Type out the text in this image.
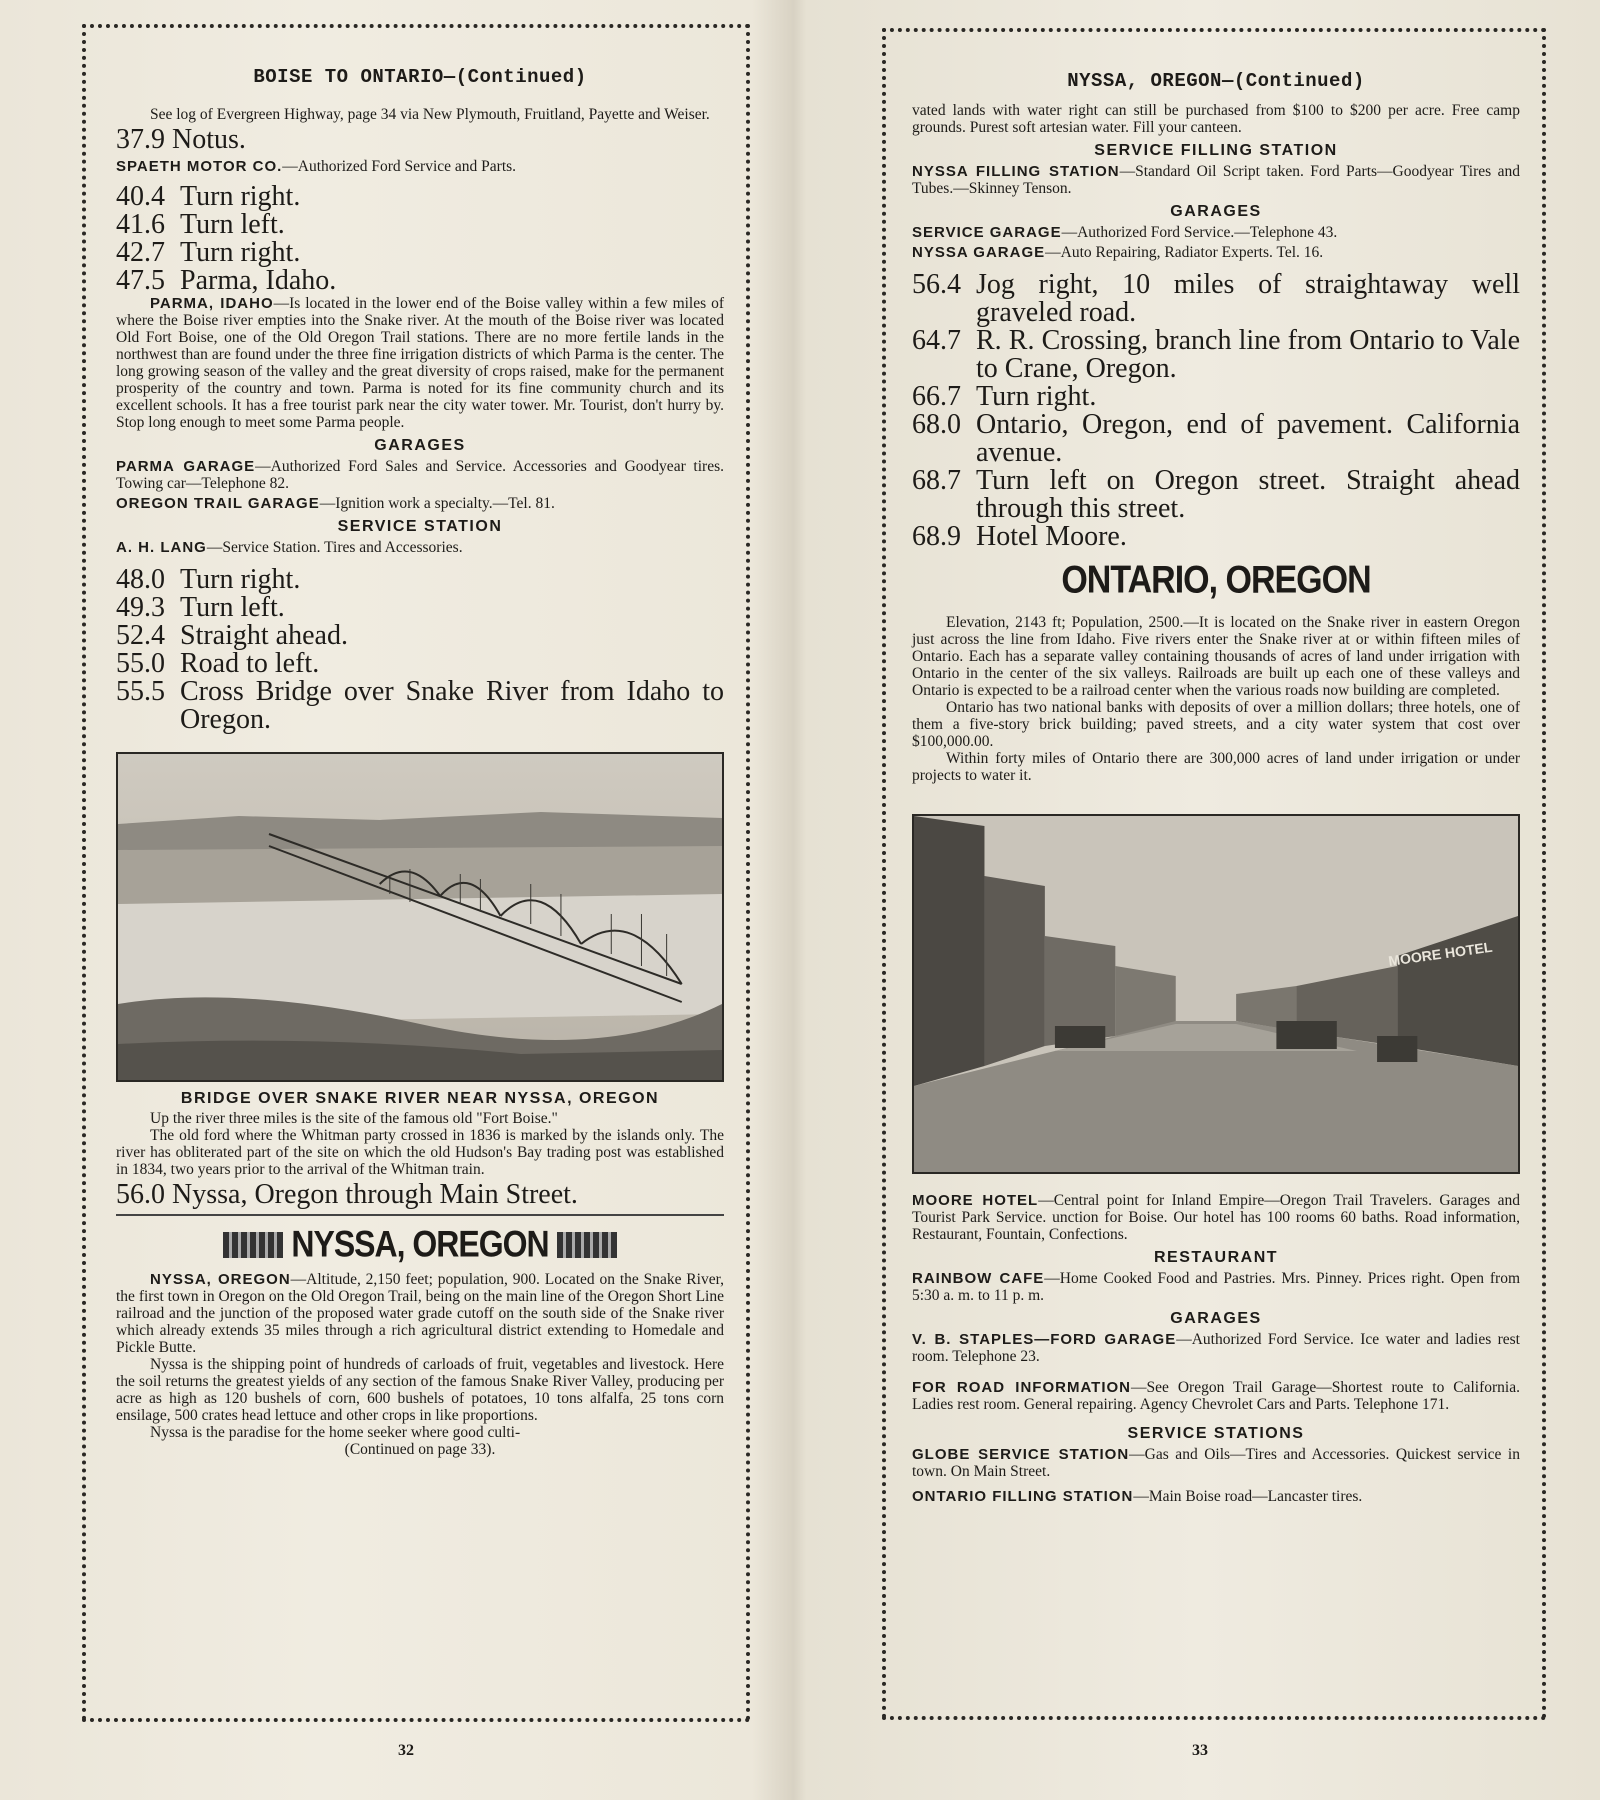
BOISE TO ONTARIO—(Continued)

See log of Evergreen Highway, page 34 via New Plymouth, Fruitland, Payette and Weiser.

37.9 Notus.

SPAETH MOTOR CO.—Authorized Ford Service and Parts.

40.4 Turn right.
41.6 Turn left.
42.7 Turn right.
47.5 Parma, Idaho.

PARMA, IDAHO—Is located in the lower end of the Boise valley within a few miles of where the Boise river empties into the Snake river. At the mouth of the Boise river was located Old Fort Boise, one of the Old Oregon Trail stations. There are no more fertile lands in the northwest than are found under the three fine irrigation districts of which Parma is the center. The long growing season of the valley and the great diversity of crops raised, make for the permanent prosperity of the country and town. Parma is noted for its fine community church and its excellent schools. It has a free tourist park near the city water tower. Mr. Tourist, don't hurry by. Stop long enough to meet some Parma people.

GARAGES

PARMA GARAGE—Authorized Ford Sales and Service. Accessories and Goodyear tires. Towing car—Telephone 82.

OREGON TRAIL GARAGE—Ignition work a specialty.—Tel. 81.

SERVICE STATION

A. H. LANG—Service Station. Tires and Accessories.

48.0 Turn right.
49.3 Turn left.
52.4 Straight ahead.
55.0 Road to left.
55.5 Cross Bridge over Snake River from Idaho to Oregon.
BRIDGE OVER SNAKE RIVER NEAR NYSSA, OREGON

Up the river three miles is the site of the famous old "Fort Boise."

The old ford where the Whitman party crossed in 1836 is marked by the islands only. The river has obliterated part of the site on which the old Hudson's Bay trading post was established in 1834, two years prior to the arrival of the Whitman train.

56.0 Nyssa, Oregon through Main Street.
NYSSA, OREGON

NYSSA, OREGON—Altitude, 2,150 feet; population, 900. Located on the Snake River, the first town in Oregon on the Old Oregon Trail, being on the main line of the Oregon Short Line railroad and the junction of the proposed water grade cutoff on the south side of the Snake river which already extends 35 miles through a rich agricultural district extending to Homedale and Pickle Butte.

Nyssa is the shipping point of hundreds of carloads of fruit, vegetables and livestock. Here the soil returns the greatest yields of any section of the famous Snake River Valley, producing per acre as high as 120 bushels of corn, 600 bushels of potatoes, 10 tons alfalfa, 25 tons corn ensilage, 500 crates head lettuce and other crops in like proportions.

Nyssa is the paradise for the home seeker where good culti-

(Continued on page 33).
32
NYSSA, OREGON—(Continued)

vated lands with water right can still be purchased from $100 to $200 per acre. Free camp grounds. Purest soft artesian water. Fill your canteen.

SERVICE FILLING STATION

NYSSA FILLING STATION—Standard Oil Script taken. Ford Parts—Goodyear Tires and Tubes.—Skinney Tenson.

GARAGES

SERVICE GARAGE—Authorized Ford Service.—Telephone 43.

NYSSA GARAGE—Auto Repairing, Radiator Experts. Tel. 16.

56.4 Jog right, 10 miles of straightaway well graveled road.
64.7 R. R. Crossing, branch line from Ontario to Vale to Crane, Oregon.
66.7 Turn right.
68.0 Ontario, Oregon, end of pavement. California avenue.
68.7 Turn left on Oregon street. Straight ahead through this street.
68.9 Hotel Moore.
ONTARIO, OREGON

Elevation, 2143 ft; Population, 2500.—It is located on the Snake river in eastern Oregon just across the line from Idaho. Five rivers enter the Snake river at or within fifteen miles of Ontario. Each has a separate valley containing thousands of acres of land under irrigation with Ontario in the center of the six valleys. Railroads are built up each one of these valleys and Ontario is expected to be a railroad center when the various roads now building are completed.

Ontario has two national banks with deposits of over a million dollars; three hotels, one of them a five-story brick building; paved streets, and a city water system that cost over $100,000.00.

Within forty miles of Ontario there are 300,000 acres of land under irrigation or under projects to water it.

MOORE HOTEL

MOORE HOTEL—Central point for Inland Empire—Oregon Trail Travelers. Garages and Tourist Park Service. unction for Boise. Our hotel has 100 rooms 60 baths. Road information, Restaurant, Fountain, Confections.

RESTAURANT

RAINBOW CAFE—Home Cooked Food and Pastries. Mrs. Pinney. Prices right. Open from 5:30 a. m. to 11 p. m.

GARAGES

V. B. STAPLES—FORD GARAGE—Authorized Ford Service. Ice water and ladies rest room. Telephone 23.

FOR ROAD INFORMATION—See Oregon Trail Garage—Shortest route to California. Ladies rest room. General repairing. Agency Chevrolet Cars and Parts. Telephone 171.

SERVICE STATIONS

GLOBE SERVICE STATION—Gas and Oils—Tires and Accessories. Quickest service in town. On Main Street.

ONTARIO FILLING STATION—Main Boise road—Lancaster tires.

33
